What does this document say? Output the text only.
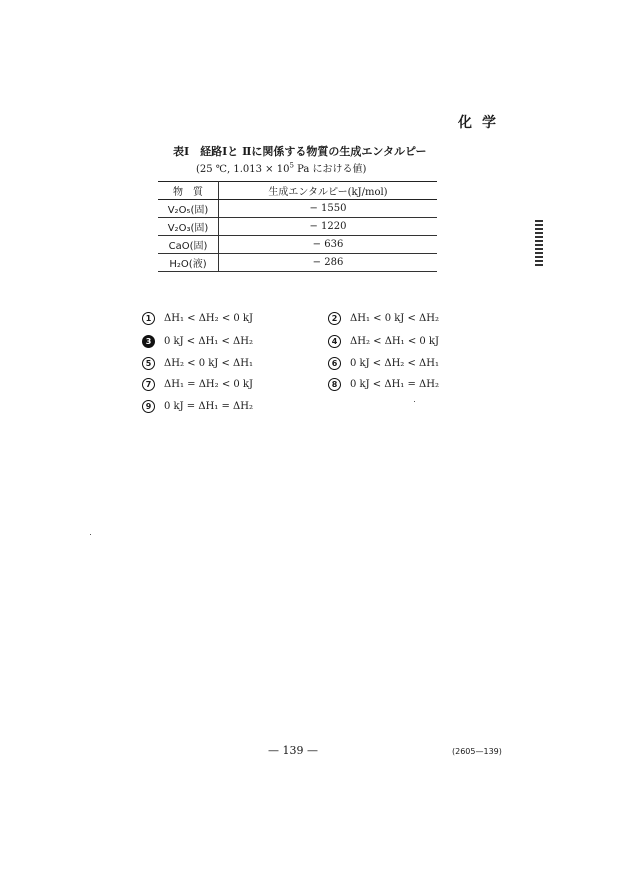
化学
表Ⅰ　経路Ⅰと Ⅱに関係する物質の生成エンタルピー
(25 ℃, $1.013 \times 10^5$ Pa における値)
物　質	生成エンタルピー(kJ/mol)
V₂O₅(固)	− 1550
V₂O₃(固)	− 1220
CaO(固)	− 636
H₂O(液)	− 286
1	ΔH₁ < ΔH₂ < 0 kJ	2	ΔH₁ < 0 kJ < ΔH₂
3	0 kJ < ΔH₁ < ΔH₂	4	ΔH₂ < ΔH₁ < 0 kJ
5	ΔH₂ < 0 kJ < ΔH₁	6	0 kJ < ΔH₂ < ΔH₁
7	ΔH₁ = ΔH₂ < 0 kJ	8	0 kJ < ΔH₁ = ΔH₂
9	0 kJ = ΔH₁ = ΔH₂
— 139 —	(2605—139)
